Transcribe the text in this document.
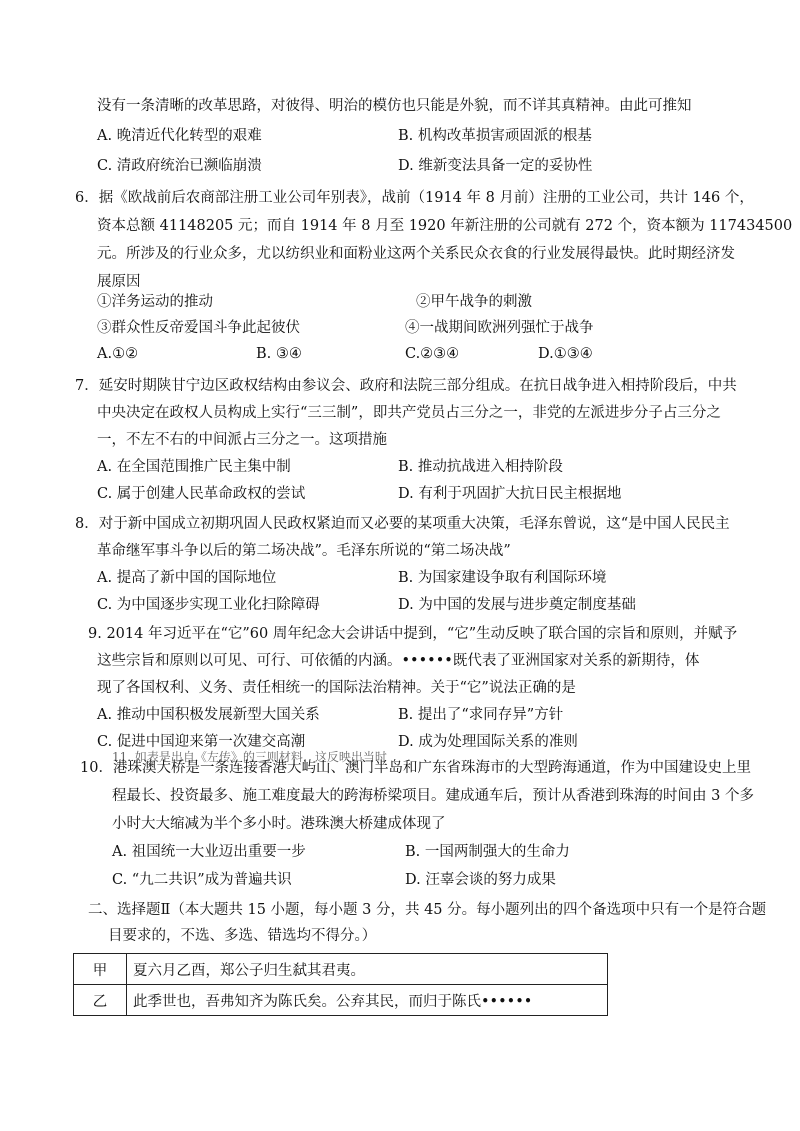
没有一条清晰的改革思路，对彼得、明治的模仿也只能是外貌，而不详其真精神。由此可推知
A. 晚清近代化转型的艰难	B. 机构改革损害顽固派的根基
C. 清政府统治已濒临崩溃	D. 维新变法具备一定的妥协性
6．据《欧战前后农商部注册工业公司年别表》，战前（1914 年 8 月前）注册的工业公司，共计 146 个，
资本总额 41148205 元；而自 1914 年 8 月至 1920 年新注册的公司就有 272 个，资本额为 117434500
元。所涉及的行业众多，尤以纺织业和面粉业这两个关系民众衣食的行业发展得最快。此时期经济发
展原因
①洋务运动的推动	②甲午战争的刺激
③群众性反帝爱国斗争此起彼伏	④一战期间欧洲列强忙于战争
A.①②	B. ③④	C.②③④	D.①③④
7．延安时期陕甘宁边区政权结构由参议会、政府和法院三部分组成。在抗日战争进入相持阶段后，中共
中央决定在政权人员构成上实行“三三制”，即共产党员占三分之一，非党的左派进步分子占三分之
一，不左不右的中间派占三分之一。这项措施
A. 在全国范围推广民主集中制	B. 推动抗战进入相持阶段
C. 属于创建人民革命政权的尝试	D. 有利于巩固扩大抗日民主根据地
8．对于新中国成立初期巩固人民政权紧迫而又必要的某项重大决策，毛泽东曾说，这“是中国人民民主
革命继军事斗争以后的第二场决战”。毛泽东所说的“第二场决战”
A. 提高了新中国的国际地位	B. 为国家建设争取有利国际环境
C. 为中国逐步实现工业化扫除障碍	D. 为中国的发展与进步奠定制度基础
9. 2014 年习近平在“它”60 周年纪念大会讲话中提到，“它”生动反映了联合国的宗旨和原则，并赋予
这些宗旨和原则以可见、可行、可依循的内涵。••••••既代表了亚洲国家对关系的新期待，体
现了各国权利、义务、责任相统一的国际法治精神。关于“它”说法正确的是
A. 推动中国积极发展新型大国关系	B. 提出了“求同存异”方针
C. 促进中国迎来第一次建交高潮	D. 成为处理国际关系的准则
11. 如表是出自《左传》的三则材料，这反映出当时
10．港珠澳大桥是一条连接香港大屿山、澳门半岛和广东省珠海市的大型跨海通道，作为中国建设史上里
程最长、投资最多、施工难度最大的跨海桥梁项目。建成通车后，预计从香港到珠海的时间由 3 个多
小时大大缩减为半个多小时。港珠澳大桥建成体现了
A. 祖国统一大业迈出重要一步	B. 一国两制强大的生命力
C. “九二共识”成为普遍共识	D. 汪辜会谈的努力成果
二、选择题Ⅱ（本大题共 15 小题，每小题 3 分，共 45 分。每小题列出的四个备选项中只有一个是符合题
目要求的，不选、多选、错选均不得分。）
甲	夏六月乙酉，郑公子归生弑其君夷。
乙	此季世也，吾弗知齐为陈氏矣。公弃其民，而归于陈氏••••••
